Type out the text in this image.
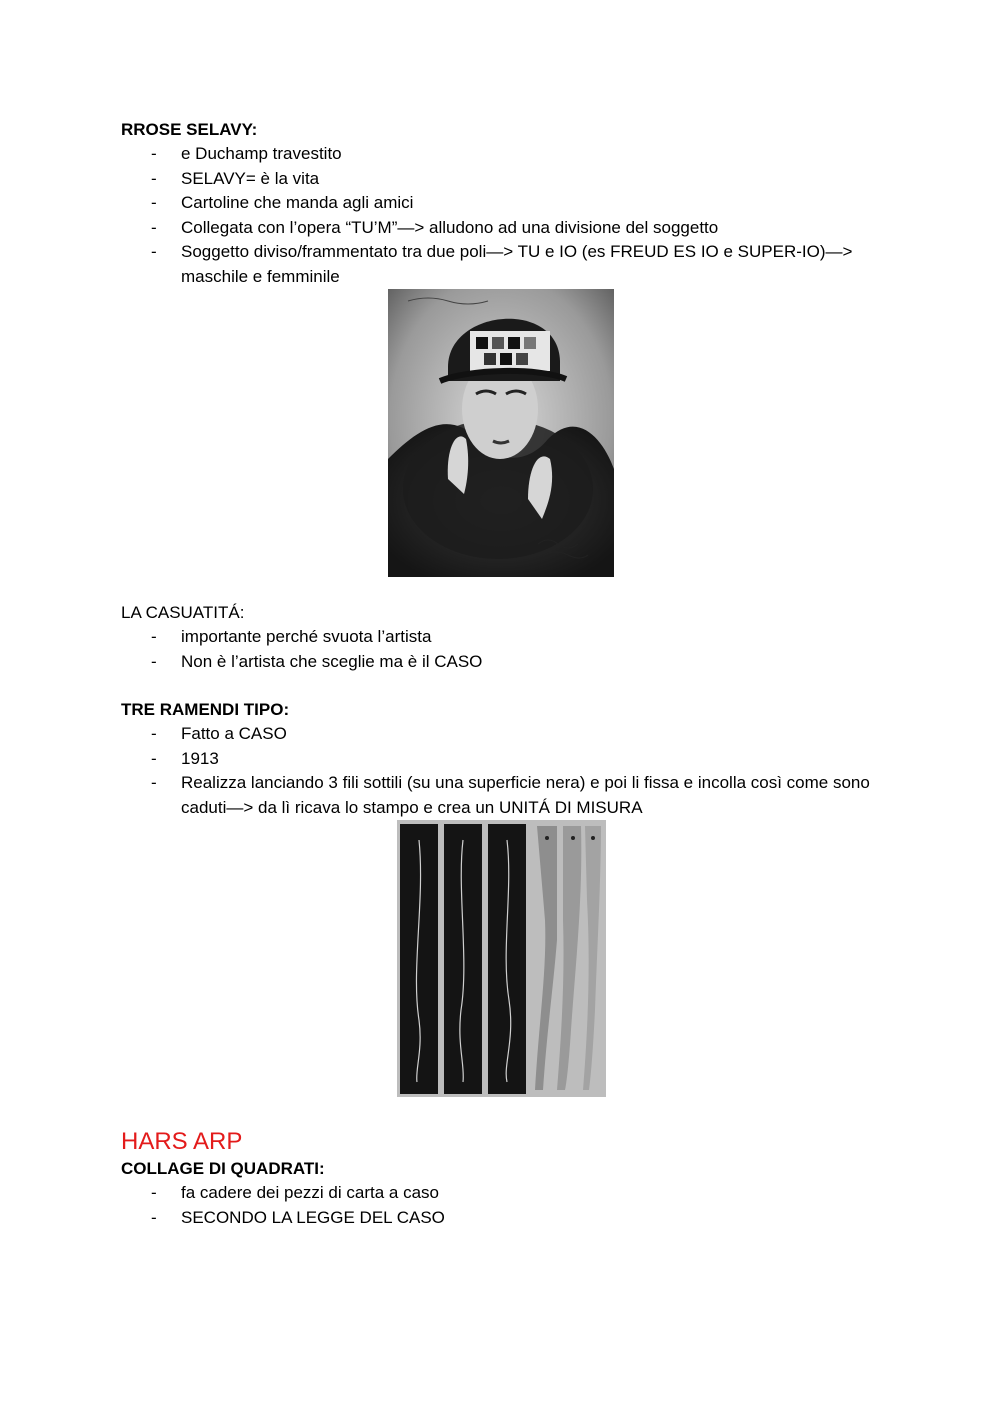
RROSE SELAVY:

- e Duchamp travestito
- SELAVY= è la vita
- Cartoline che manda agli amici
- Collegata con l’opera “TU’M”—> alludono ad una divisione del soggetto
- Soggetto diviso/frammentato tra due poli—> TU e IO (es FREUD ES IO e SUPER-IO)—> maschile e femminile

LA CASUATITÁ:

- importante perché svuota l’artista
- Non è l’artista che sceglie ma è il CASO

TRE RAMENDI TIPO:

- Fatto a CASO
- 1913
- Realizza lanciando 3 fili sottili (su una superficie nera) e poi li fissa e incolla così come sono caduti—> da lì ricava lo stampo e crea un UNITÁ DI MISURA

HARS ARP

COLLAGE DI QUADRATI:

- fa cadere dei pezzi di carta a caso
- SECONDO LA LEGGE DEL CASO
